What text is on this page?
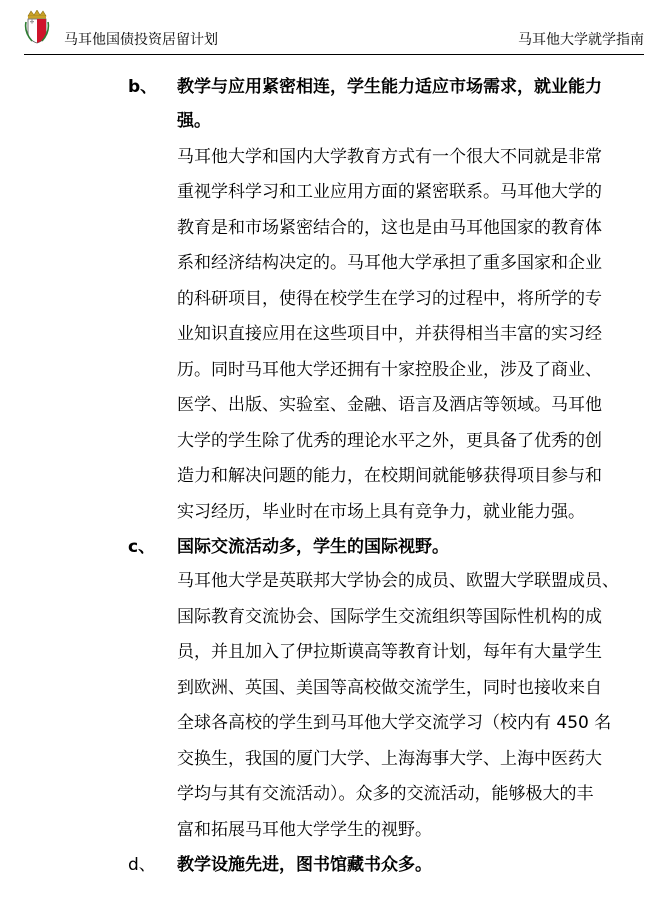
马耳他国债投资居留计划	马耳他大学就学指南
b、 教学与应用紧密相连，学生能力适应市场需求，就业能力
强。
马耳他大学和国内大学教育方式有一个很大不同就是非常
重视学科学习和工业应用方面的紧密联系。马耳他大学的
教育是和市场紧密结合的，这也是由马耳他国家的教育体
系和经济结构决定的。马耳他大学承担了重多国家和企业
的科研项目，使得在校学生在学习的过程中，将所学的专
业知识直接应用在这些项目中，并获得相当丰富的实习经
历。同时马耳他大学还拥有十家控股企业，涉及了商业、
医学、出版、实验室、金融、语言及酒店等领域。马耳他
大学的学生除了优秀的理论水平之外，更具备了优秀的创
造力和解决问题的能力，在校期间就能够获得项目参与和
实习经历，毕业时在市场上具有竞争力，就业能力强。
c、 国际交流活动多，学生的国际视野。
马耳他大学是英联邦大学协会的成员、欧盟大学联盟成员、
国际教育交流协会、国际学生交流组织等国际性机构的成
员，并且加入了伊拉斯谟高等教育计划，每年有大量学生
到欧洲、英国、美国等高校做交流学生，同时也接收来自
全球各高校的学生到马耳他大学交流学习（校内有 450 名
交换生，我国的厦门大学、上海海事大学、上海中医药大
学均与其有交流活动）。众多的交流活动，能够极大的丰
富和拓展马耳他大学学生的视野。
d、 教学设施先进，图书馆藏书众多。
